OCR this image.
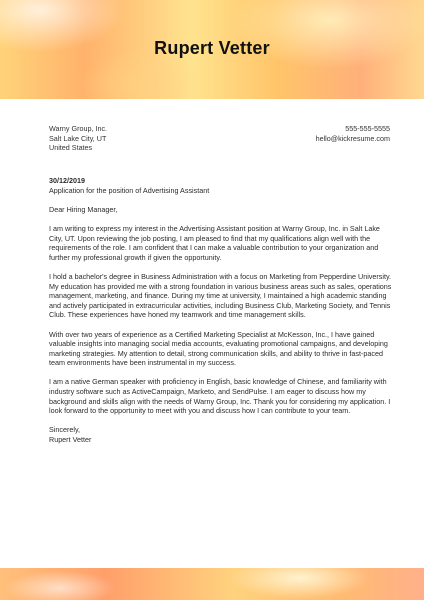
Rupert Vetter
Warny Group, Inc.
Salt Lake City, UT
United States
555-555-5555
hello@kickresume.com
30/12/2019
Application for the position of Advertising Assistant
Dear Hiring Manager,
I am writing to express my interest in the Advertising Assistant position at Warny Group, Inc. in Salt Lake City, UT. Upon reviewing the job posting, I am pleased to find that my qualifications align well with the requirements of the role. I am confident that I can make a valuable contribution to your organization and further my professional growth if given the opportunity.
I hold a bachelor's degree in Business Administration with a focus on Marketing from Pepperdine University. My education has provided me with a strong foundation in various business areas such as sales, operations management, marketing, and finance. During my time at university, I maintained a high academic standing and actively participated in extracurricular activities, including Business Club, Marketing Society, and Tennis Club. These experiences have honed my teamwork and time management skills.
With over two years of experience as a Certified Marketing Specialist at McKesson, Inc., I have gained valuable insights into managing social media accounts, evaluating promotional campaigns, and developing marketing strategies. My attention to detail, strong communication skills, and ability to thrive in fast-paced team environments have been instrumental in my success.
I am a native German speaker with proficiency in English, basic knowledge of Chinese, and familiarity with industry software such as ActiveCampaign, Marketo, and SendPulse. I am eager to discuss how my background and skills align with the needs of Warny Group, Inc. Thank you for considering my application. I look forward to the opportunity to meet with you and discuss how I can contribute to your team.
Sincerely,
Rupert Vetter
